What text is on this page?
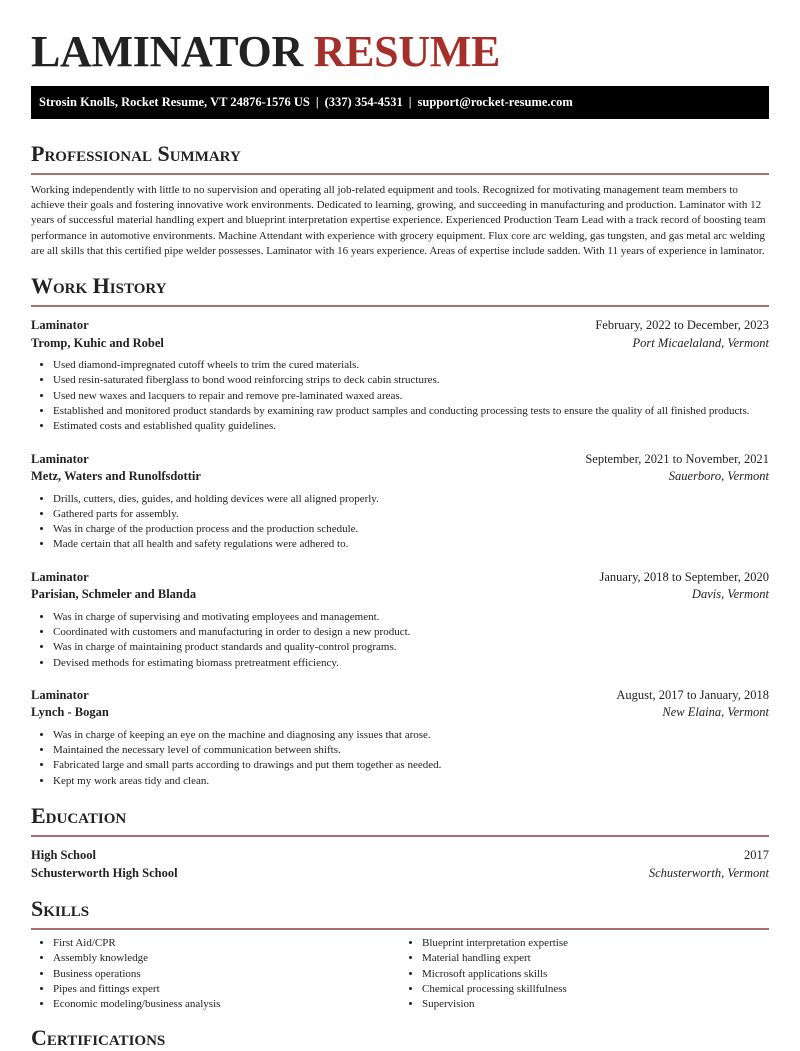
LAMINATOR RESUME
Strosin Knolls, Rocket Resume, VT 24876-1576 US | (337) 354-4531 | support@rocket-resume.com
Professional Summary

Working independently with little to no supervision and operating all job-related equipment and tools. Recognized for motivating management team members to achieve their goals and fostering innovative work environments. Dedicated to learning, growing, and succeeding in manufacturing and production. Laminator with 12 years of successful material handling expert and blueprint interpretation expertise experience. Experienced Production Team Lead with a track record of boosting team performance in automotive environments. Machine Attendant with experience with grocery equipment. Flux core arc welding, gas tungsten, and gas metal arc welding are all skills that this certified pipe welder possesses. Laminator with 16 years experience. Areas of expertise include sadden. With 11 years of experience in laminator.

Work History
Laminator	February, 2022 to December, 2023
Tromp, Kuhic and Robel	Port Micaelaland, Vermont
• Used diamond-impregnated cutoff wheels to trim the cured materials.
• Used resin-saturated fiberglass to bond wood reinforcing strips to deck cabin structures.
• Used new waxes and lacquers to repair and remove pre-laminated waxed areas.
• Established and monitored product standards by examining raw product samples and conducting processing tests to ensure the quality of all finished products.
• Estimated costs and established quality guidelines.
Laminator	September, 2021 to November, 2021
Metz, Waters and Runolfsdottir	Sauerboro, Vermont
• Drills, cutters, dies, guides, and holding devices were all aligned properly.
• Gathered parts for assembly.
• Was in charge of the production process and the production schedule.
• Made certain that all health and safety regulations were adhered to.
Laminator	January, 2018 to September, 2020
Parisian, Schmeler and Blanda	Davis, Vermont
• Was in charge of supervising and motivating employees and management.
• Coordinated with customers and manufacturing in order to design a new product.
• Was in charge of maintaining product standards and quality-control programs.
• Devised methods for estimating biomass pretreatment efficiency.
Laminator	August, 2017 to January, 2018
Lynch - Bogan	New Elaina, Vermont
• Was in charge of keeping an eye on the machine and diagnosing any issues that arose.
• Maintained the necessary level of communication between shifts.
• Fabricated large and small parts according to drawings and put them together as needed.
• Kept my work areas tidy and clean.
Education
High School	2017
Schusterworth High School	Schusterworth, Vermont
Skills
• First Aid/CPR
• Assembly knowledge
• Business operations
• Pipes and fittings expert
• Economic modeling/business analysis
• Blueprint interpretation expertise
• Material handling expert
• Microsoft applications skills
• Chemical processing skillfulness
• Supervision
Certifications
